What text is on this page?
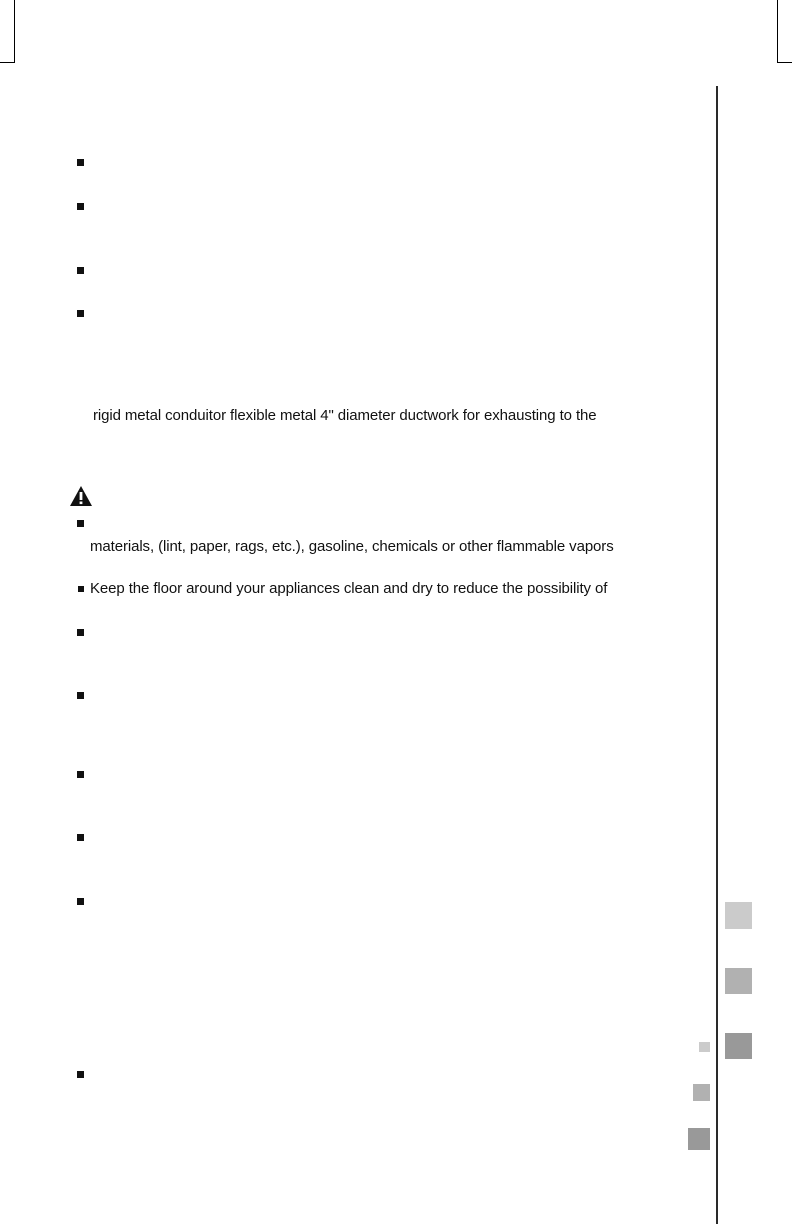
rigid metal conduitor flexible metal 4" diameter ductwork for exhausting to the
materials, (lint, paper, rags, etc.), gasoline, chemicals or other flammable vapors
Keep the floor around your appliances clean and dry to reduce the possibility of
